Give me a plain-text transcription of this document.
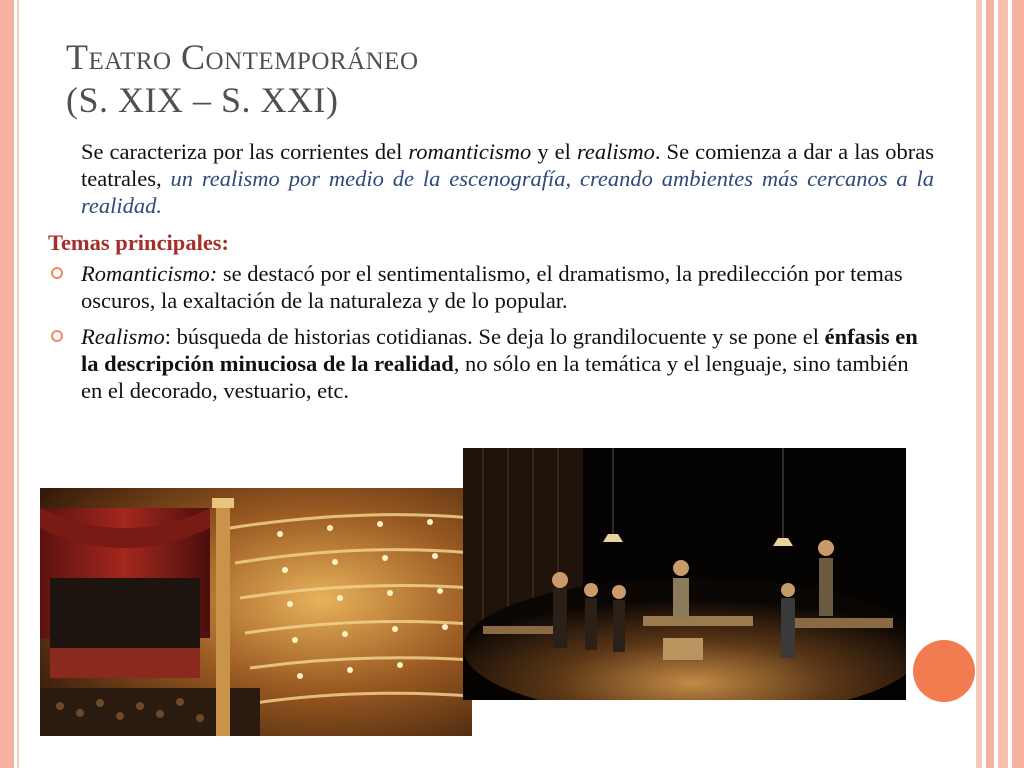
Teatro Contemporáneo
(S. XIX – S. XXI)
Se caracteriza por las corrientes del romanticismo y el realismo. Se comienza a dar a las obras teatrales, un realismo por medio de la escenografía, creando ambientes más cercanos a la realidad.
Temas principales:
Romanticismo: se destacó por el sentimentalismo, el dramatismo, la predilección por temas oscuros, la exaltación de la naturaleza y de lo popular.
Realismo: búsqueda de historias cotidianas. Se deja lo grandilocuente y se pone el énfasis en la descripción minuciosa de la realidad, no sólo en la temática y el lenguaje, sino también en el decorado, vestuario, etc.
